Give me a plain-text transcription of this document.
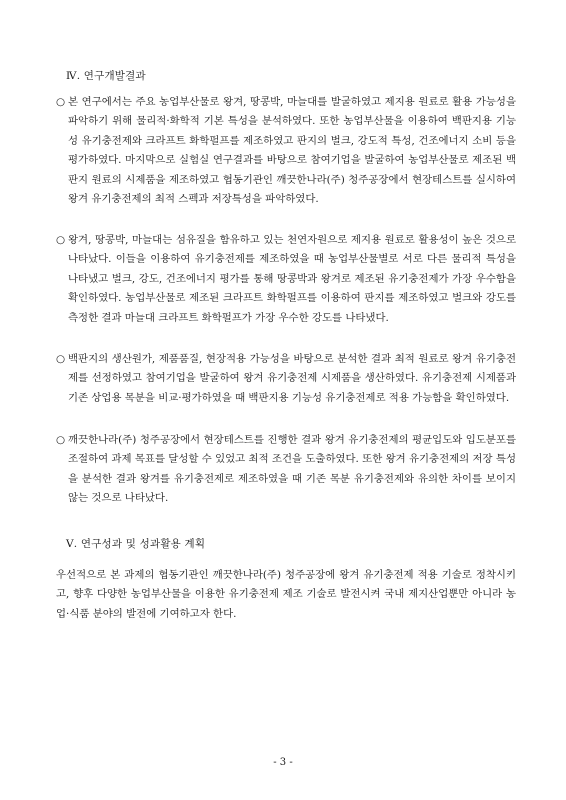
Ⅳ. 연구개발결과
○ 본 연구에서는 주요 농업부산물로 왕겨, 땅콩박, 마늘대를 발굴하였고 제지용 원료로 활용 가능성을 파악하기 위해 물리적·화학적 기본 특성을 분석하였다. 또한 농업부산물을 이용하여 백판지용 기능성 유기충전제와 크라프트 화학펄프를 제조하였고 판지의 벌크, 강도적 특성, 건조에너지 소비 등을 평가하였다. 마지막으로 실험실 연구결과를 바탕으로 참여기업을 발굴하여 농업부산물로 제조된 백판지 원료의 시제품을 제조하였고 협동기관인 깨끗한나라(주) 청주공장에서 현장테스트를 실시하여 왕겨 유기충전제의 최적 스펙과 저장특성을 파악하였다.
○ 왕겨, 땅콩박, 마늘대는 섬유질을 함유하고 있는 천연자원으로 제지용 원료로 활용성이 높은 것으로 나타났다. 이들을 이용하여 유기충전제를 제조하였을 때 농업부산물별로 서로 다른 물리적 특성을 나타냈고 벌크, 강도, 건조에너지 평가를 통해 땅콩박과 왕겨로 제조된 유기충전제가 가장 우수함을 확인하였다. 농업부산물로 제조된 크라프트 화학펄프를 이용하여 판지를 제조하였고 벌크와 강도를 측정한 결과 마늘대 크라프트 화학펄프가 가장 우수한 강도를 나타냈다.
○ 백판지의 생산원가, 제품품질, 현장적용 가능성을 바탕으로 분석한 결과 최적 원료로 왕겨 유기충전제를 선정하였고 참여기업을 발굴하여 왕겨 유기충전제 시제품을 생산하였다. 유기충전제 시제품과 기존 상업용 목분을 비교·평가하였을 때 백판지용 기능성 유기충전제로 적용 가능함을 확인하였다.
○ 깨끗한나라(주) 청주공장에서 현장테스트를 진행한 결과 왕겨 유기충전제의 평균입도와 입도분포를 조절하여 과제 목표를 달성할 수 있었고 최적 조건을 도출하였다. 또한 왕겨 유기충전제의 저장 특성을 분석한 결과 왕겨를 유기충전제로 제조하였을 때 기존 목분 유기충전제와 유의한 차이를 보이지 않는 것으로 나타났다.
Ⅴ. 연구성과 및 성과활용 계획
우선적으로 본 과제의 협동기관인 깨끗한나라(주) 청주공장에 왕겨 유기충전제 적용 기술로 정착시키고, 향후 다양한 농업부산물을 이용한 유기충전제 제조 기술로 발전시켜 국내 제지산업뿐만 아니라 농업·식품 분야의 발전에 기여하고자 한다.
- 3 -
